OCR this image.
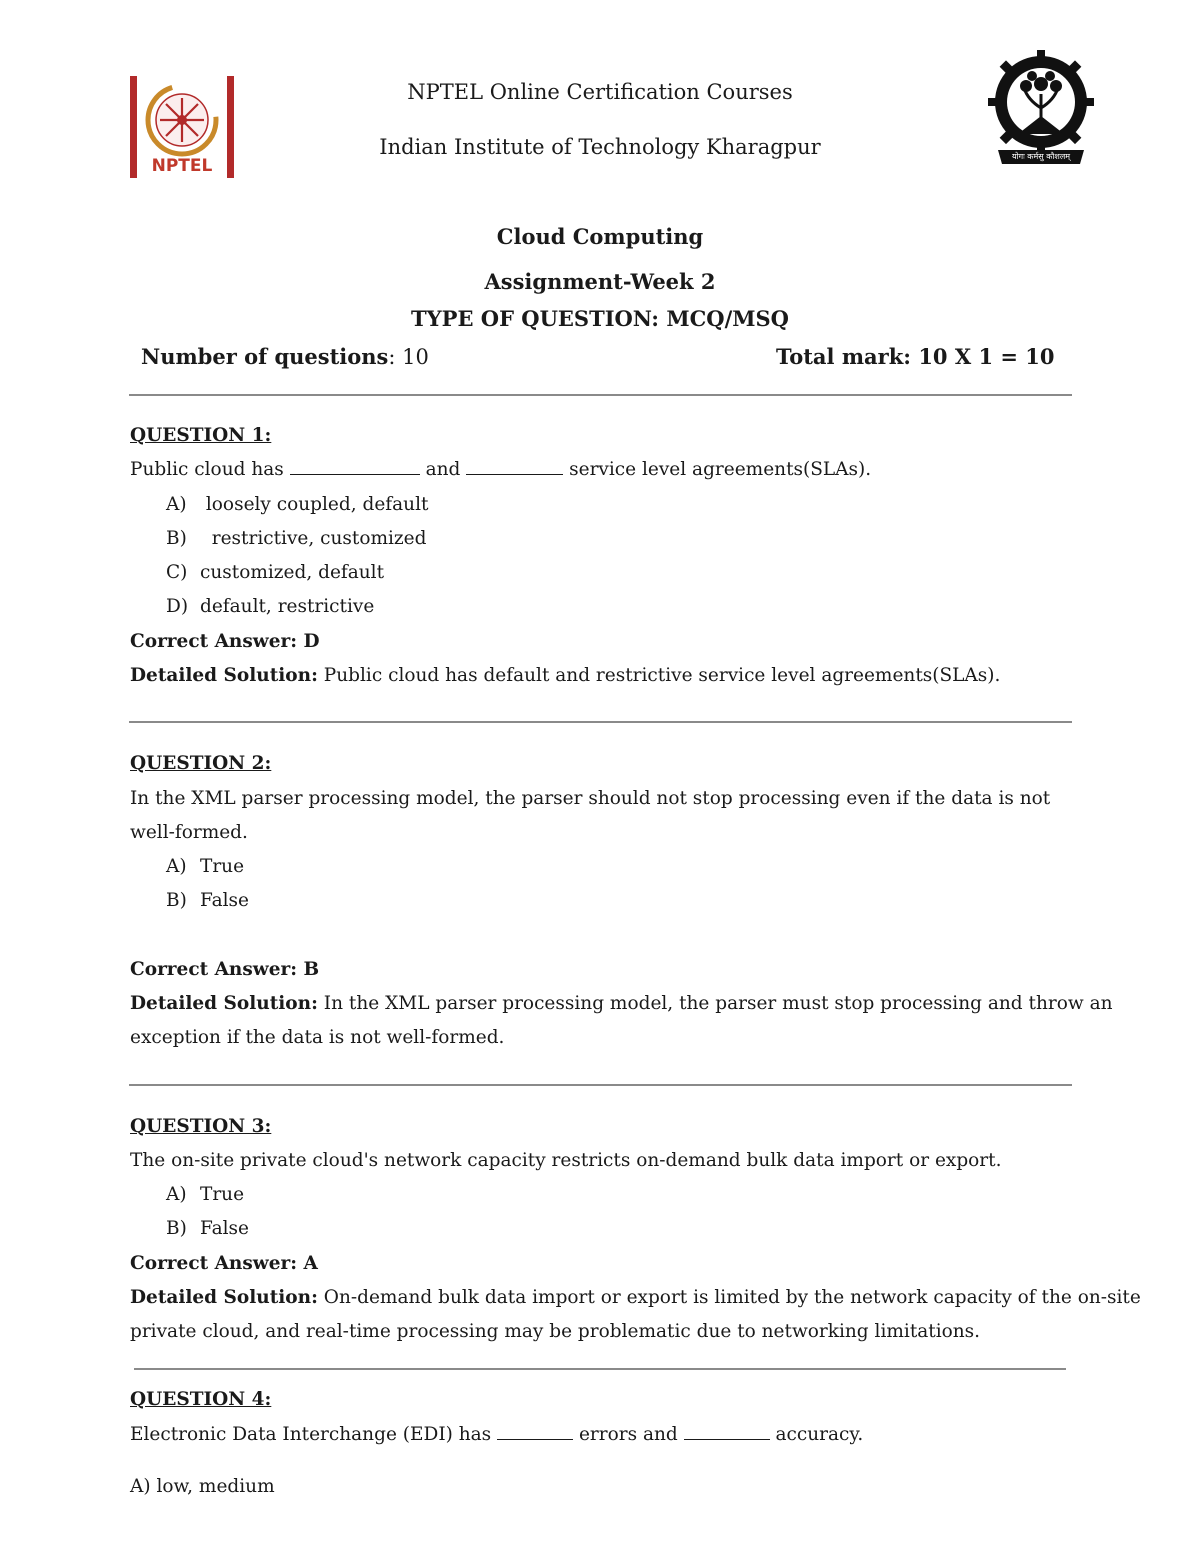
NPTEL	योगः कर्मसु कौशलम्
NPTEL Online Certification Courses
Indian Institute of Technology Kharagpur
Cloud Computing
Assignment-Week 2
TYPE OF QUESTION: MCQ/MSQ
Number of questions: 10	Total mark: 10 X 1 = 10
QUESTION 1:
Public cloud has	and	service level agreements(SLAs).
A) loosely coupled, default
B)  restrictive, customized
C) customized, default
D) default, restrictive
Correct Answer: D
Detailed Solution: Public cloud has default and restrictive service level agreements(SLAs).
QUESTION 2:
In the XML parser processing model, the parser should not stop processing even if the data is not
well-formed.
A) True
B) False
Correct Answer: B
Detailed Solution: In the XML parser processing model, the parser must stop processing and throw an
exception if the data is not well-formed.
QUESTION 3:
The on-site private cloud's network capacity restricts on-demand bulk data import or export.
A) True
B) False
Correct Answer: A
Detailed Solution: On-demand bulk data import or export is limited by the network capacity of the on-site
private cloud, and real-time processing may be problematic due to networking limitations.
QUESTION 4:
Electronic Data Interchange (EDI) has	errors and	accuracy.
A) low, medium
